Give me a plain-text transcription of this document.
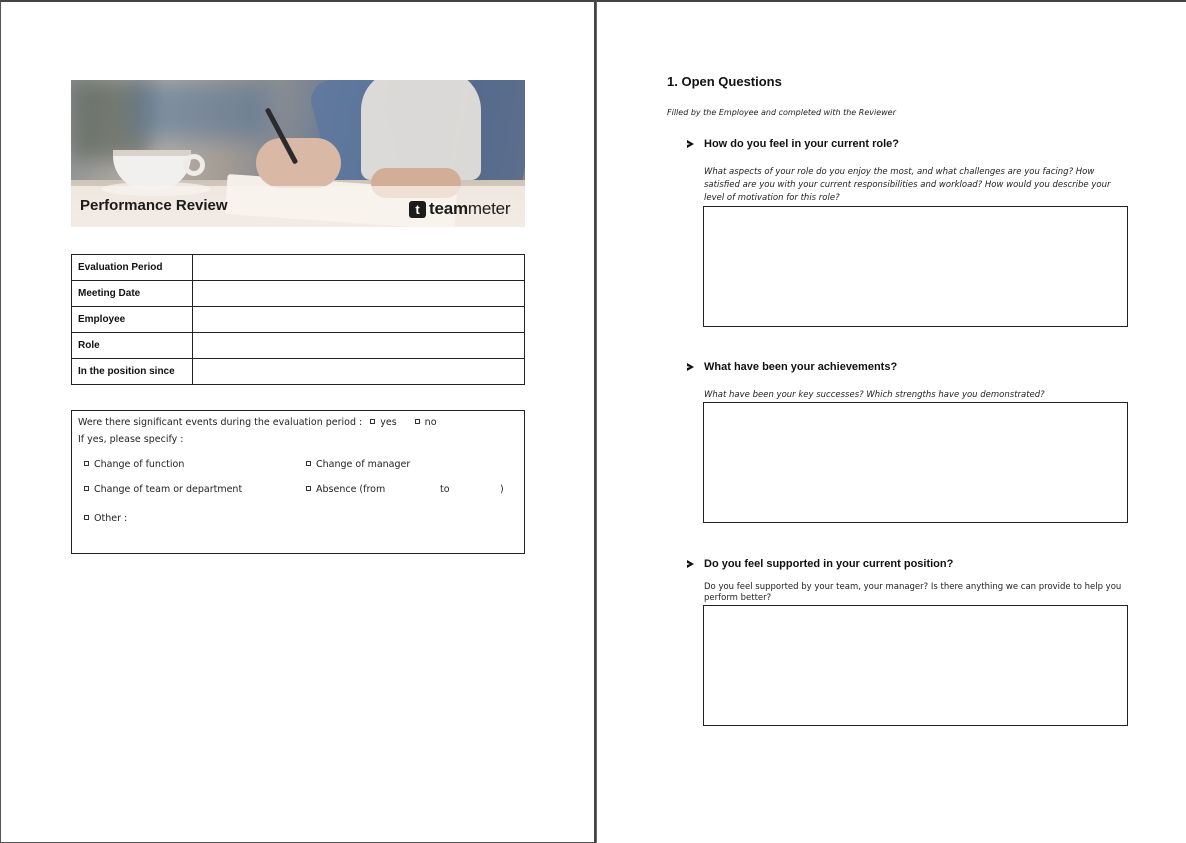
Performance Review	t teammeter
Evaluation Period	
Meeting Date	
Employee	
Role	
In the position since	
Were there significant events during the evaluation period : yes	no
If yes, please specify :
Change of function	Change of manager
Change of team or department	Absence (from	to	)
Other :
1. Open Questions
Filled by the Employee and completed with the Reviewer
How do you feel in your current role?
What aspects of your role do you enjoy the most, and what challenges are you facing? How satisfied are you with your current responsibilities and workload? How would you describe your level of motivation for this role?
What have been your achievements?
What have been your key successes? Which strengths have you demonstrated?
Do you feel supported in your current position?
Do you feel supported by your team, your manager? Is there anything we can provide to help you perform better?
